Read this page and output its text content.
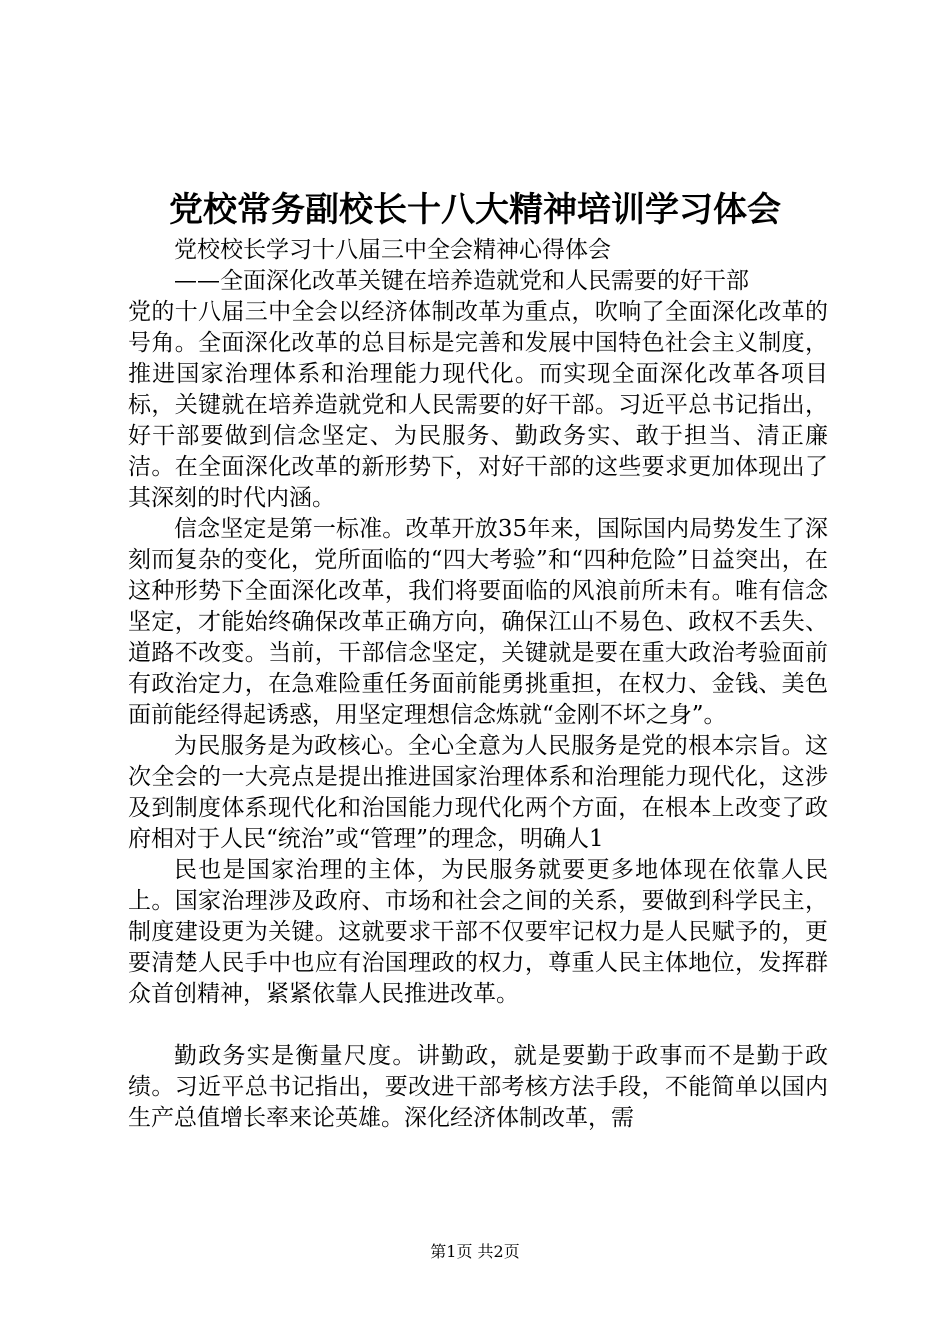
党校常务副校长十八大精神培训学习体会

党校校长学习十八届三中全会精神心得体会

——全面深化改革关键在培养造就党和人民需要的好干部

党的十八届三中全会以经济体制改革为重点，吹响了全面深化改革的号角。全面深化改革的总目标是完善和发展中国特色社会主义制度，推进国家治理体系和治理能力现代化。而实现全面深化改革各项目标，关键就在培养造就党和人民需要的好干部。习近平总书记指出，好干部要做到信念坚定、为民服务、勤政务实、敢于担当、清正廉洁。在全面深化改革的新形势下，对好干部的这些要求更加体现出了其深刻的时代内涵。

信念坚定是第一标准。改革开放35年来，国际国内局势发生了深刻而复杂的变化，党所面临的“四大考验”和“四种危险”日益突出，在这种形势下全面深化改革，我们将要面临的风浪前所未有。唯有信念坚定，才能始终确保改革正确方向，确保江山不易色、政权不丢失、道路不改变。当前，干部信念坚定，关键就是要在重大政治考验面前有政治定力，在急难险重任务面前能勇挑重担，在权力、金钱、美色面前能经得起诱惑，用坚定理想信念炼就“金刚不坏之身”。

为民服务是为政核心。全心全意为人民服务是党的根本宗旨。这次全会的一大亮点是提出推进国家治理体系和治理能力现代化，这涉及到制度体系现代化和治国能力现代化两个方面，在根本上改变了政府相对于人民“统治”或“管理”的理念，明确人1

民也是国家治理的主体，为民服务就要更多地体现在依靠人民上。国家治理涉及政府、市场和社会之间的关系，要做到科学民主，制度建设更为关键。这就要求干部不仅要牢记权力是人民赋予的，更要清楚人民手中也应有治国理政的权力，尊重人民主体地位，发挥群众首创精神，紧紧依靠人民推进改革。

勤政务实是衡量尺度。讲勤政，就是要勤于政事而不是勤于政绩。习近平总书记指出，要改进干部考核方法手段，不能简单以国内生产总值增长率来论英雄。深化经济体制改革，需

第1页 共2页
